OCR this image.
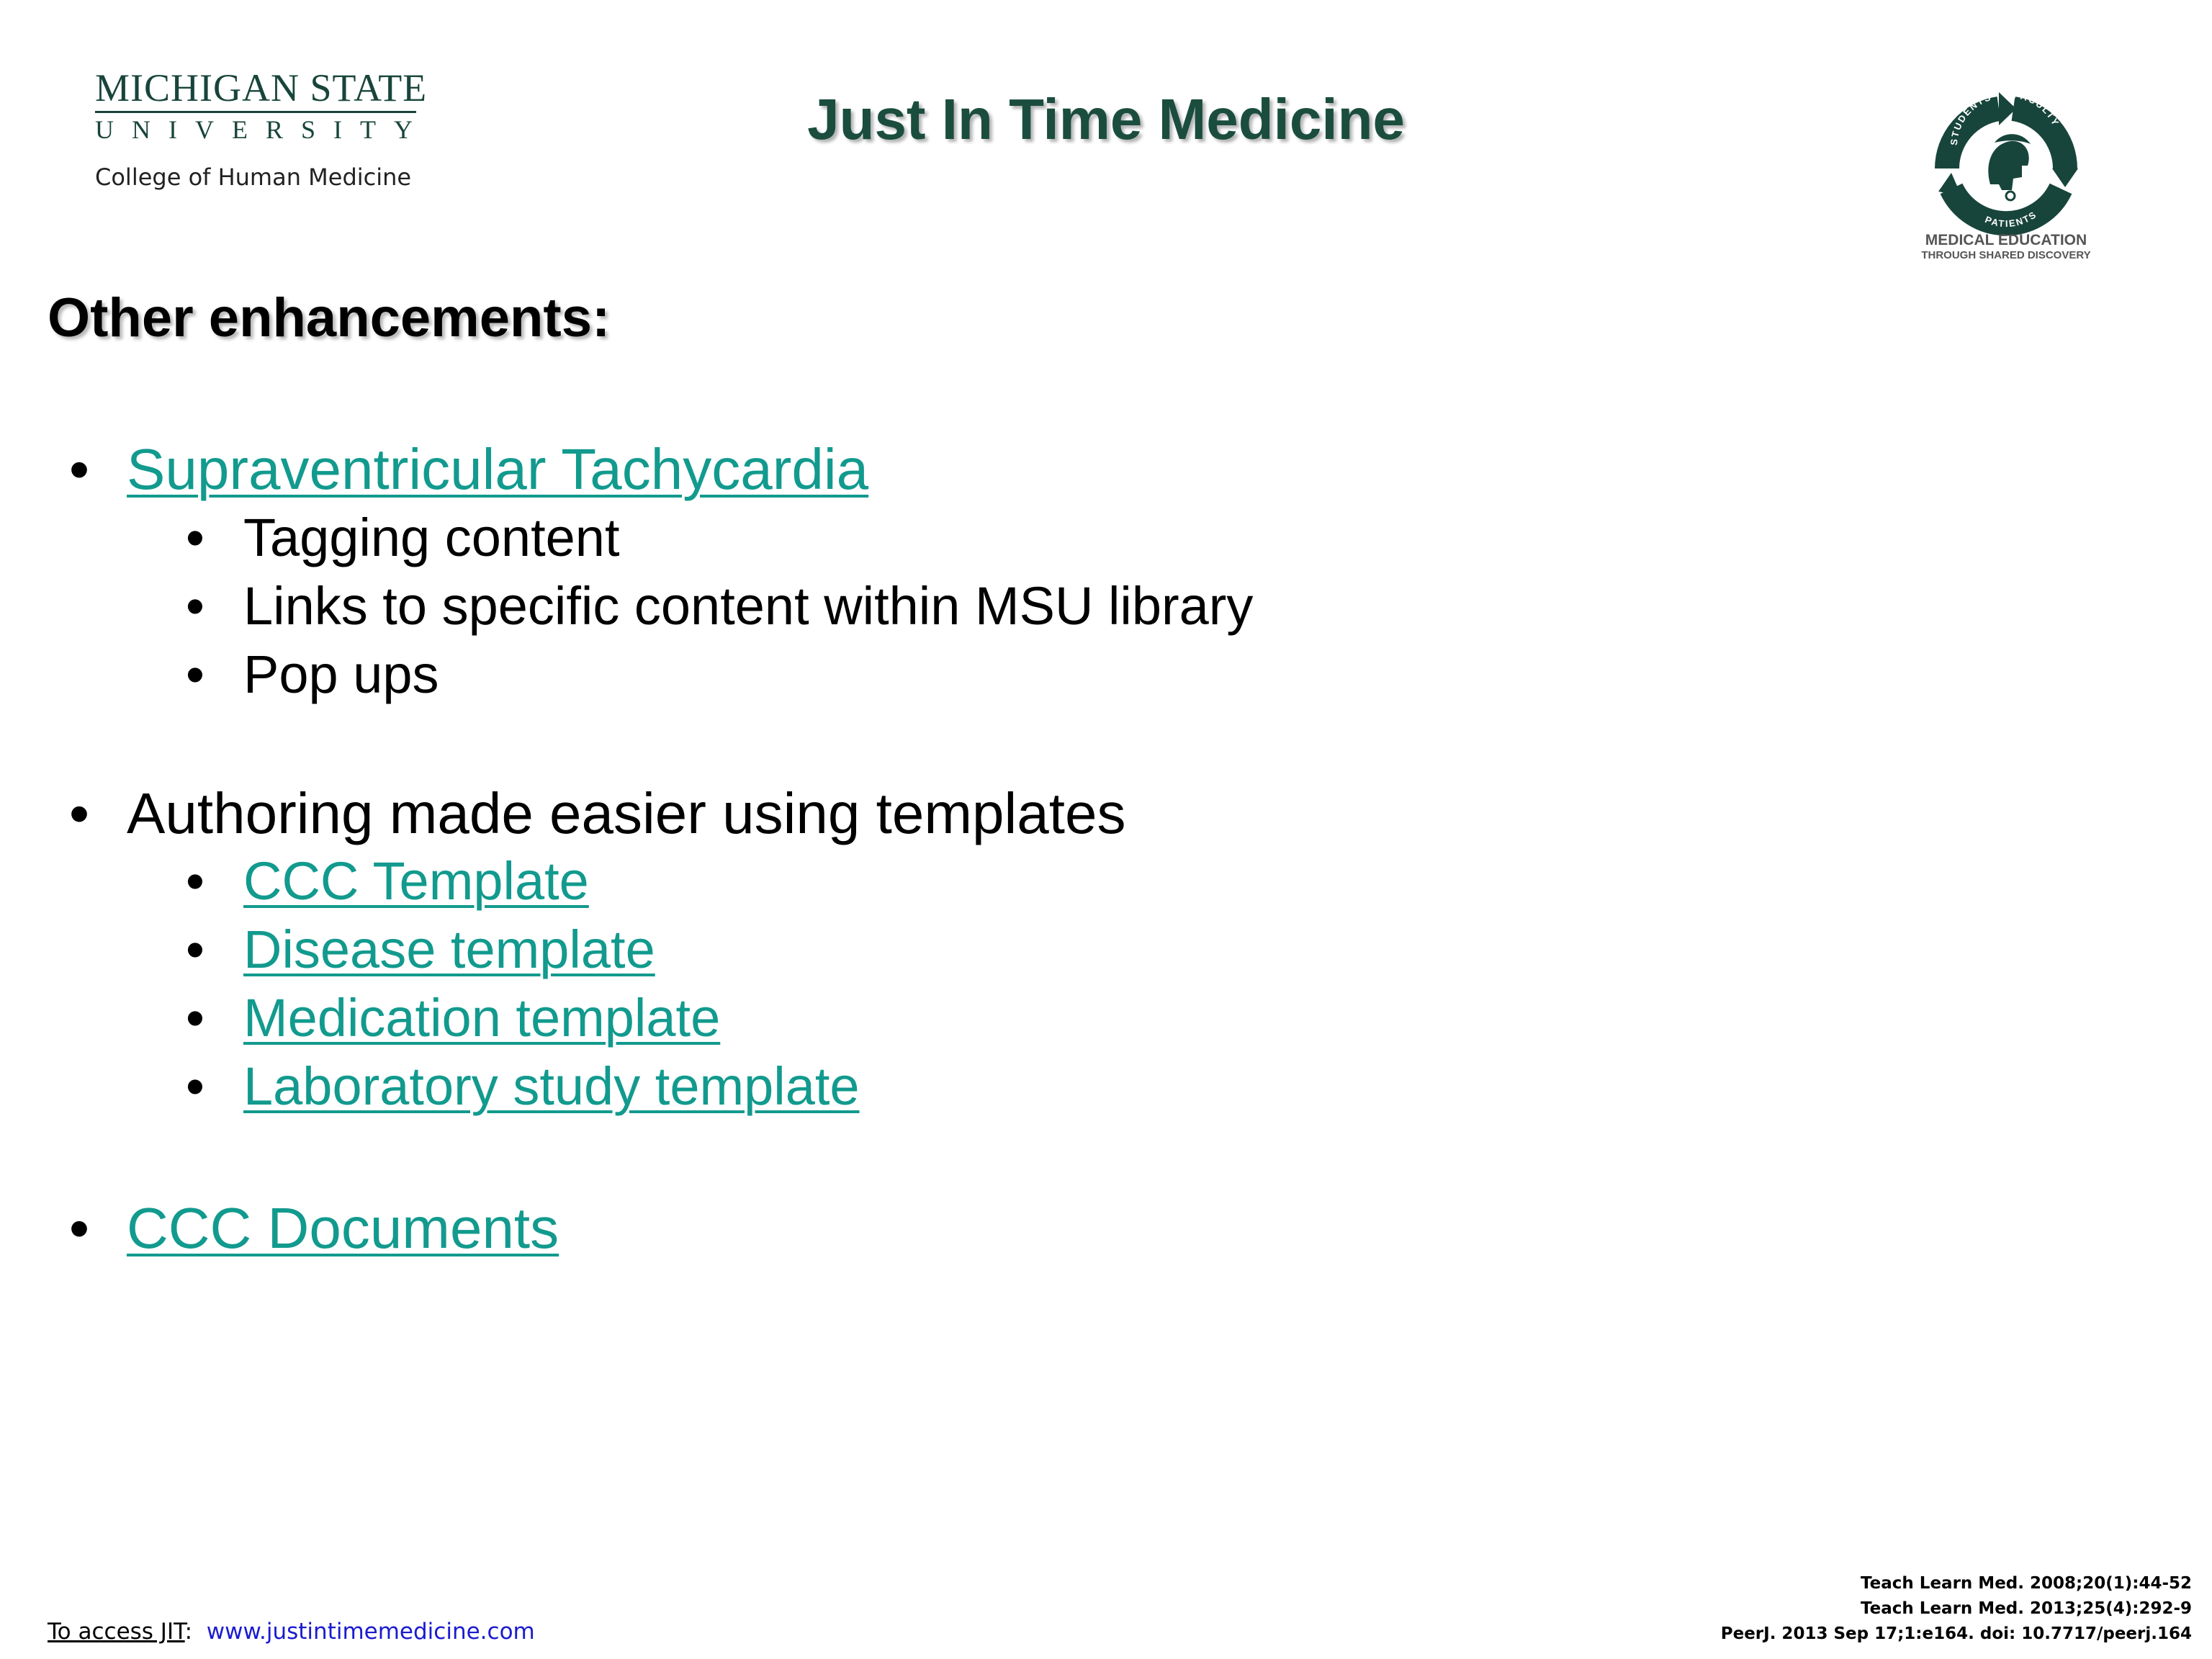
MICHIGAN STATE
UNIVERSITY
College of Human Medicine
Just In Time Medicine	STUDENTS FACULTY
PATIENTS
MEDICAL EDUCATION
THROUGH SHARED DISCOVERY
Other enhancements:
• Supraventricular Tachycardia
• Tagging content
• Links to specific content within MSU library
• Pop ups
• Authoring made easier using templates
• CCC Template
• Disease template
• Medication template
• Laboratory study template
• CCC Documents
To access JIT: www.justintimemedicine.com
Teach Learn Med. 2008;20(1):44-52
Teach Learn Med. 2013;25(4):292-9
PeerJ. 2013 Sep 17;1:e164. doi: 10.7717/peerj.164
